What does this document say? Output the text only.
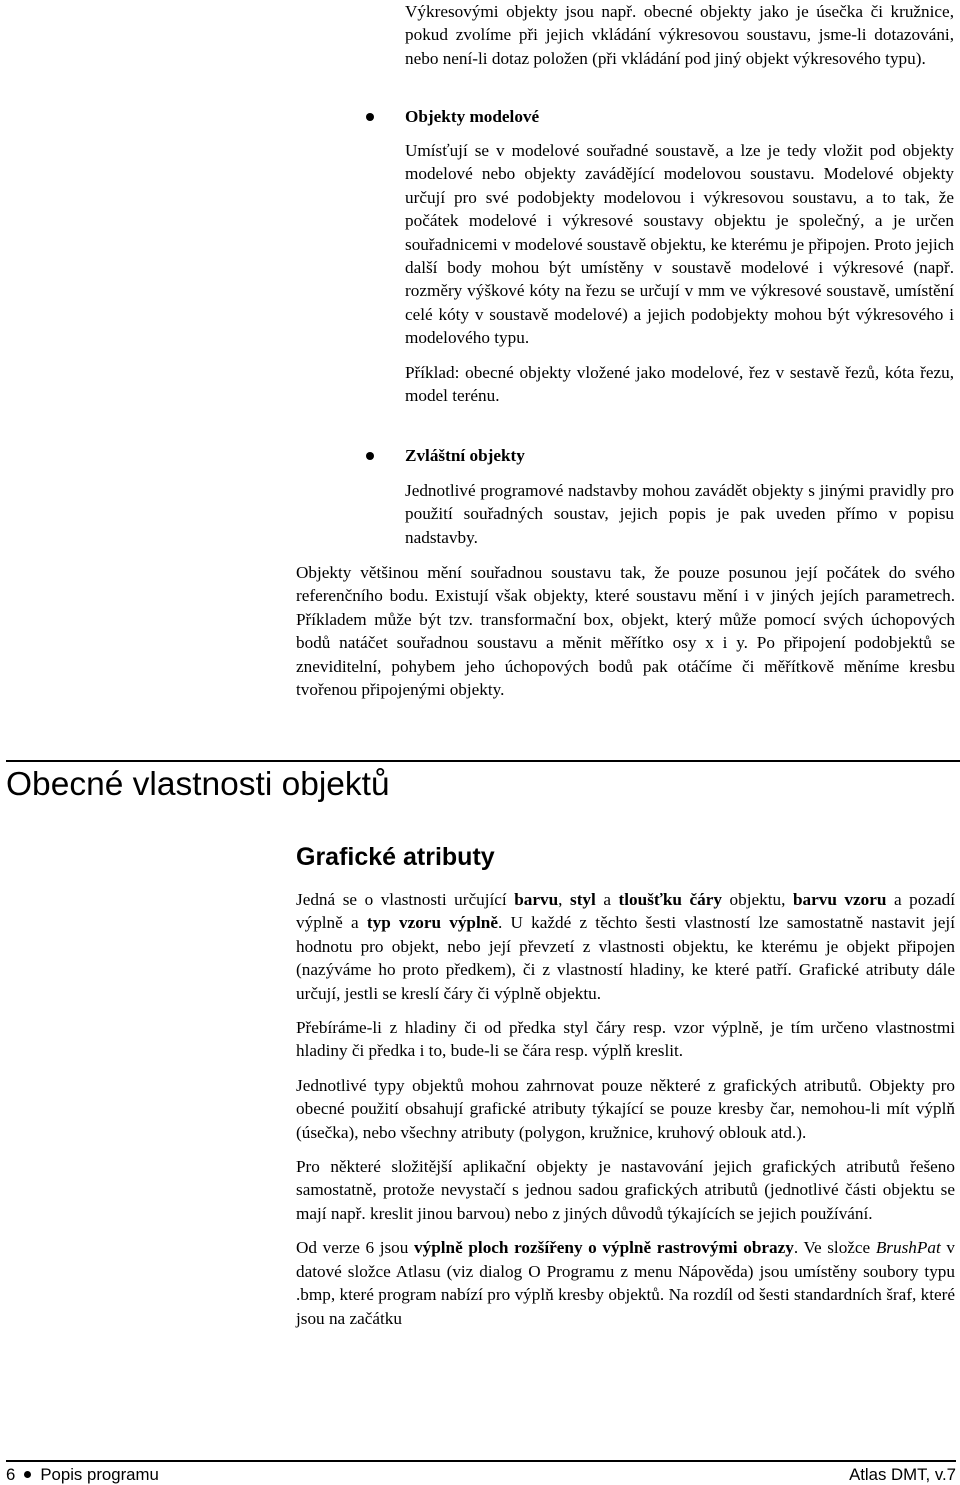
Výkresovými objekty jsou např. obecné objekty jako je úsečka či kružnice, pokud zvolíme při jejich vkládání výkresovou soustavu, jsme-li dotazováni, nebo není-li dotaz položen (při vkládání pod jiný objekt výkresového typu).

Objekty modelové

Umísťují se v modelové souřadné soustavě, a lze je tedy vložit pod objekty modelové nebo objekty zavádějící modelovou soustavu. Modelové objekty určují pro své podobjekty modelovou i výkresovou soustavu, a to tak, že počátek modelové i výkresové soustavy objektu je společný, a je určen souřadnicemi v modelové soustavě objektu, ke kterému je připojen. Proto jejich další body mohou být umístěny v soustavě modelové i výkresové (např. rozměry výškové kóty na řezu se určují v mm ve výkresové soustavě, umístění celé kóty v soustavě modelové) a jejich podobjekty mohou být výkresového i modelového typu.

Příklad: obecné objekty vložené jako modelové, řez v sestavě řezů, kóta řezu, model terénu.

Zvláštní objekty

Jednotlivé programové nadstavby mohou zavádět objekty s jinými pravidly pro použití souřadných soustav, jejich popis je pak uveden přímo v popisu nadstavby.

Objekty většinou mění souřadnou soustavu tak, že pouze posunou její počátek do svého referenčního bodu. Existují však objekty, které soustavu mění i v jiných jejích parametrech. Příkladem může být tzv. transformační box, objekt, který může pomocí svých úchopových bodů natáčet souřadnou soustavu a měnit měřítko osy x i y. Po připojení podobjektů se zneviditelní, pohybem jeho úchopových bodů pak otáčíme či měřítkově měníme kresbu tvořenou připojenými objekty.

Obecné vlastnosti objektů
Grafické atributy

Jedná se o vlastnosti určující barvu, styl a tloušťku čáry objektu, barvu vzoru a pozadí výplně a typ vzoru výplně. U každé z těchto šesti vlastností lze samostatně nastavit její hodnotu pro objekt, nebo její převzetí z vlastnosti objektu, ke kterému je objekt připojen (nazýváme ho proto předkem), či z vlastností hladiny, ke které patří. Grafické atributy dále určují, jestli se kreslí čáry či výplně objektu.

Přebíráme-li z hladiny či od předka styl čáry resp. vzor výplně, je tím určeno vlastnostmi hladiny či předka i to, bude-li se čára resp. výplň kreslit.

Jednotlivé typy objektů mohou zahrnovat pouze některé z grafických atributů. Objekty pro obecné použití obsahují grafické atributy týkající se pouze kresby čar, nemohou-li mít výplň (úsečka), nebo všechny atributy (polygon, kružnice, kruhový oblouk atd.).

Pro některé složitější aplikační objekty je nastavování jejich grafických atributů řešeno samostatně, protože nevystačí s jednou sadou grafických atributů (jednotlivé části objektu se mají např. kreslit jinou barvou) nebo z jiných důvodů týkajících se jejich používání.

Od verze 6 jsou výplně ploch rozšířeny o výplně rastrovými obrazy. Ve složce BrushPat v datové složce Atlasu (viz dialog O Programu z menu Nápověda) jsou umístěny soubory typu .bmp, které program nabízí pro výplň kresby objektů. Na rozdíl od šesti standardních šraf, které jsou na začátku

6 Popis programu	Atlas DMT, v.7
